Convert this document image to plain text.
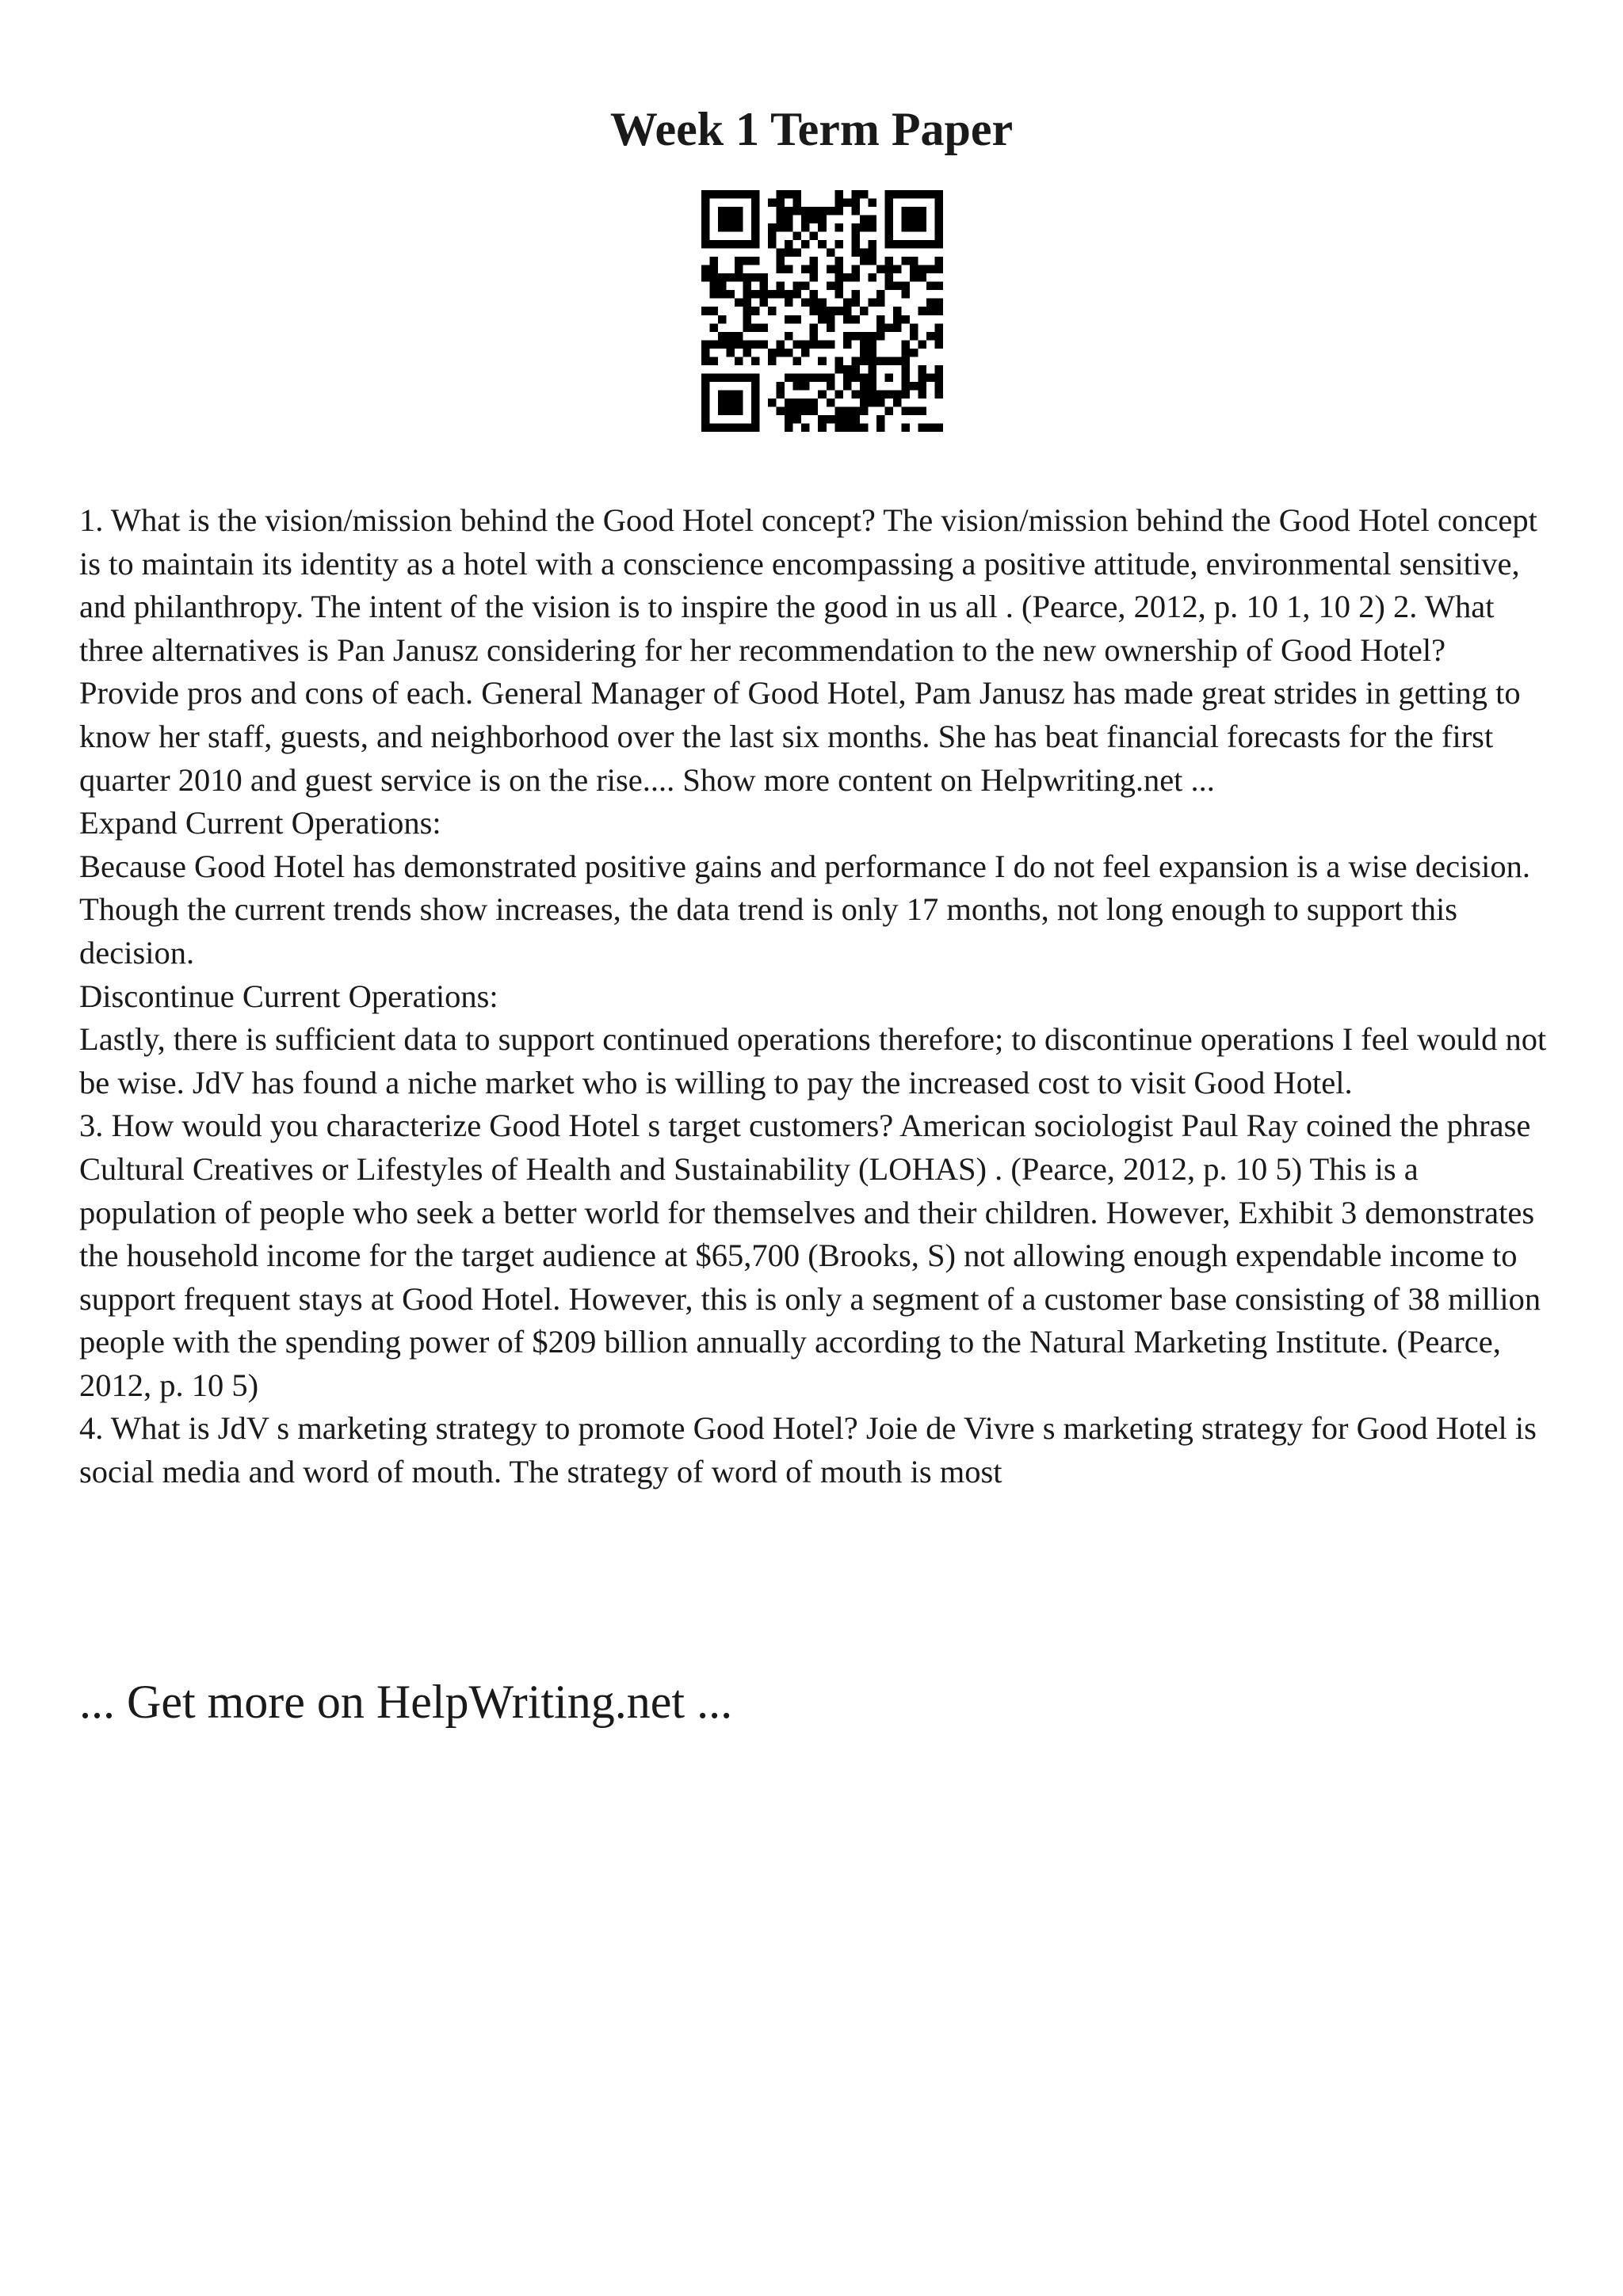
Week 1 Term Paper

1. What is the vision/mission behind the Good Hotel concept? The vision/mission behind the Good Hotel concept is to maintain its identity as a hotel with a conscience encompassing a positive attitude, environmental sensitive, and philanthropy. The intent of the vision is to inspire the good in us all . (Pearce, 2012, p. 10 1, 10 2) 2. What three alternatives is Pan Janusz considering for her recommendation to the new ownership of Good Hotel? Provide pros and cons of each. General Manager of Good Hotel, Pam Janusz has made great strides in getting to know her staff, guests, and neighborhood over the last six months. She has beat financial forecasts for the first quarter 2010 and guest service is on the rise.... Show more content on Helpwriting.net ...

Expand Current Operations:

Because Good Hotel has demonstrated positive gains and performance I do not feel expansion is a wise decision. Though the current trends show increases, the data trend is only 17 months, not long enough to support this decision.

Discontinue Current Operations:

Lastly, there is sufficient data to support continued operations therefore; to discontinue operations I feel would not be wise. JdV has found a niche market who is willing to pay the increased cost to visit Good Hotel.

3. How would you characterize Good Hotel s target customers? American sociologist Paul Ray coined the phrase Cultural Creatives or Lifestyles of Health and Sustainability (LOHAS) . (Pearce, 2012, p. 10 5) This is a population of people who seek a better world for themselves and their children. However, Exhibit 3 demonstrates the household income for the target audience at $65,700 (Brooks, S) not allowing enough expendable income to support frequent stays at Good Hotel. However, this is only a segment of a customer base consisting of 38 million people with the spending power of $209 billion annually according to the Natural Marketing Institute. (Pearce, 2012, p. 10 5)

4. What is JdV s marketing strategy to promote Good Hotel? Joie de Vivre s marketing strategy for Good Hotel is social media and word of mouth. The strategy of word of mouth is most

... Get more on HelpWriting.net ...
